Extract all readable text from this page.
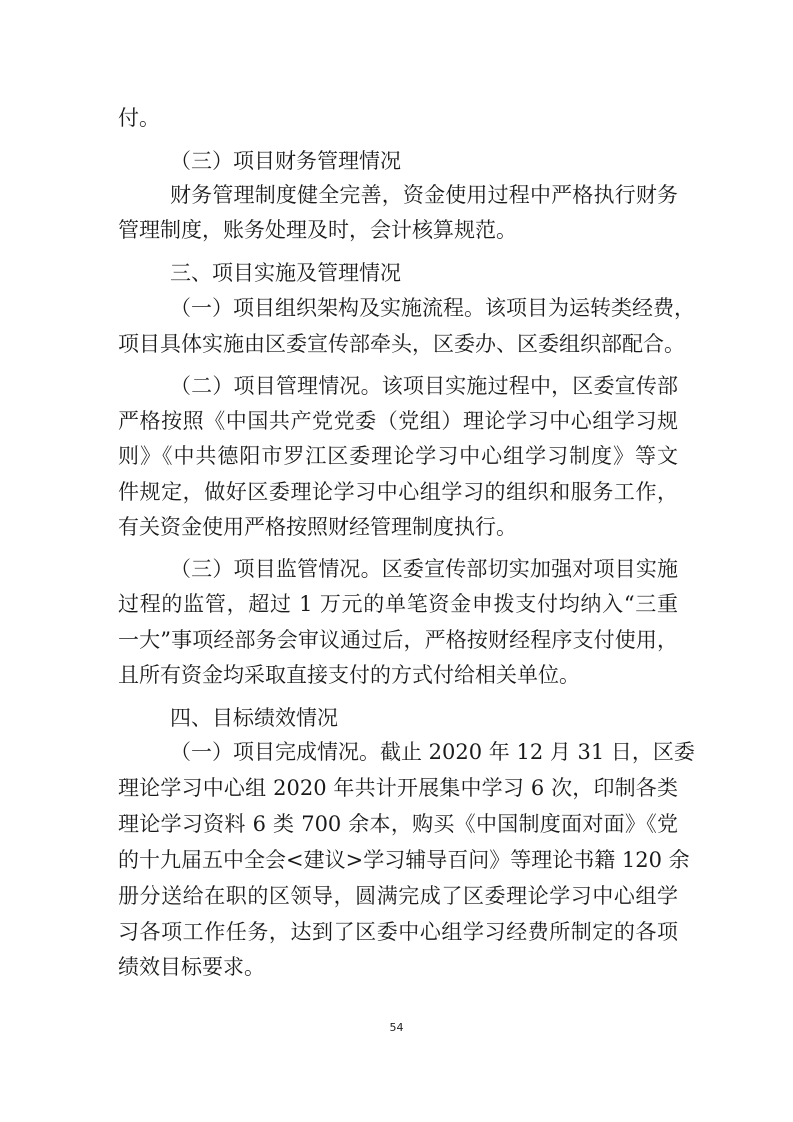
付。
（三）项目财务管理情况
财务管理制度健全完善，资金使用过程中严格执行财务
管理制度，账务处理及时，会计核算规范。
三、项目实施及管理情况
（一）项目组织架构及实施流程。该项目为运转类经费，
项目具体实施由区委宣传部牵头，区委办、区委组织部配合。
（二）项目管理情况。该项目实施过程中，区委宣传部
严格按照《中国共产党党委（党组）理论学习中心组学习规
则》《中共德阳市罗江区委理论学习中心组学习制度》等文
件规定，做好区委理论学习中心组学习的组织和服务工作，
有关资金使用严格按照财经管理制度执行。
（三）项目监管情况。区委宣传部切实加强对项目实施
过程的监管，超过 1 万元的单笔资金申拨支付均纳入“三重
一大”事项经部务会审议通过后，严格按财经程序支付使用，
且所有资金均采取直接支付的方式付给相关单位。
四、目标绩效情况
（一）项目完成情况。截止 2020 年 12 月 31 日，区委
理论学习中心组 2020 年共计开展集中学习 6 次，印制各类
理论学习资料 6 类 700 余本，购买《中国制度面对面》《党
的十九届五中全会<建议>学习辅导百问》等理论书籍 120 余
册分送给在职的区领导，圆满完成了区委理论学习中心组学
习各项工作任务，达到了区委中心组学习经费所制定的各项
绩效目标要求。
54
